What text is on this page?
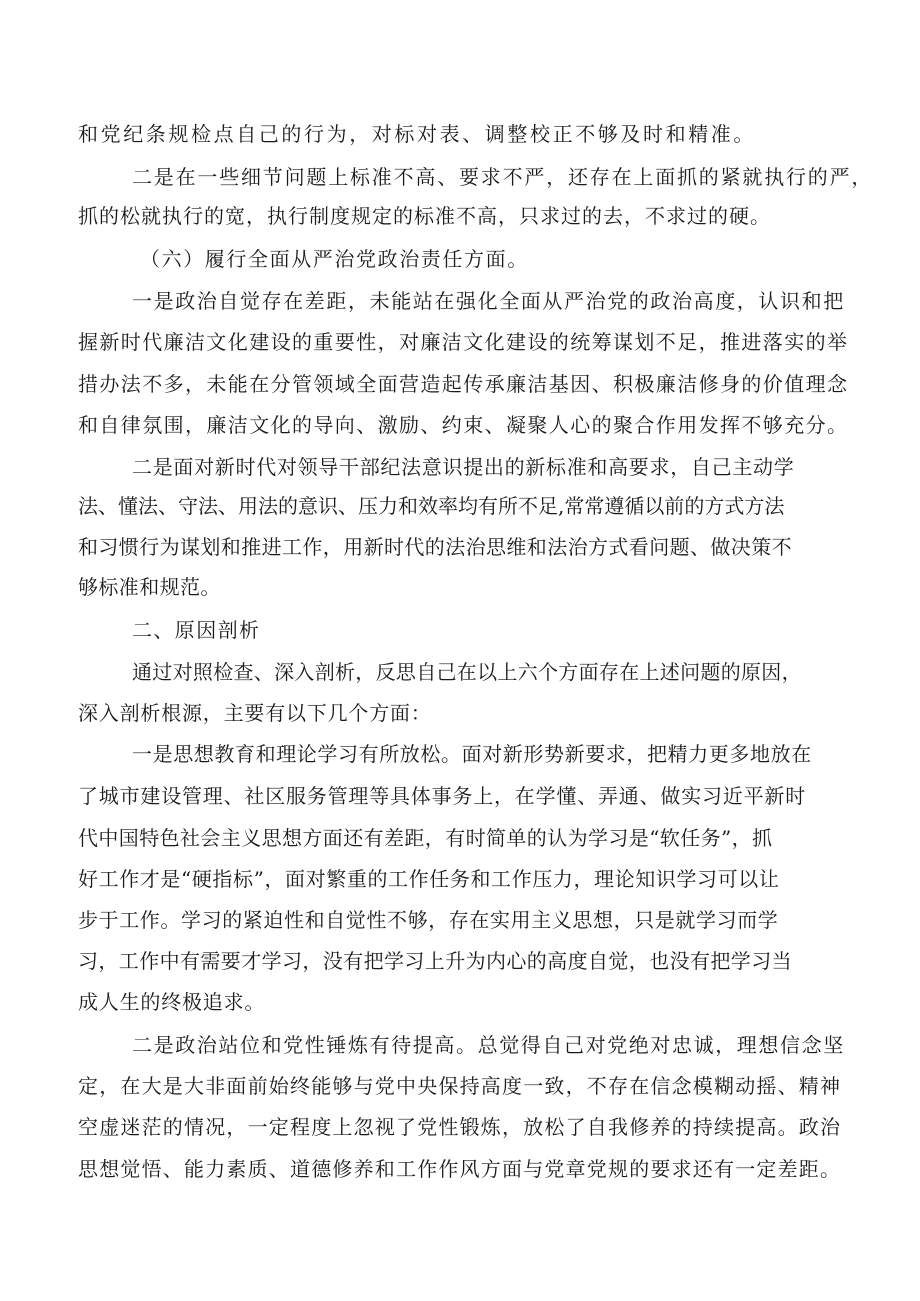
和党纪条规检点自己的行为，对标对表、调整校正不够及时和精准。
二是在一些细节问题上标准不高、要求不严，还存在上面抓的紧就执行的严，
抓的松就执行的宽，执行制度规定的标准不高，只求过的去，不求过的硬。
（六）履行全面从严治党政治责任方面。
一是政治自觉存在差距，未能站在强化全面从严治党的政治高度，认识和把
握新时代廉洁文化建设的重要性，对廉洁文化建设的统筹谋划不足，推进落实的举
措办法不多，未能在分管领域全面营造起传承廉洁基因、积极廉洁修身的价值理念
和自律氛围，廉洁文化的导向、激励、约束、凝聚人心的聚合作用发挥不够充分。
二是面对新时代对领导干部纪法意识提出的新标准和高要求，自己主动学
法、懂法、守法、用法的意识、压力和效率均有所不足,常常遵循以前的方式方法
和习惯行为谋划和推进工作，用新时代的法治思维和法治方式看问题、做决策不
够标准和规范。
二、原因剖析
通过对照检查、深入剖析，反思自己在以上六个方面存在上述问题的原因，
深入剖析根源，主要有以下几个方面：
一是思想教育和理论学习有所放松。面对新形势新要求，把精力更多地放在
了城市建设管理、社区服务管理等具体事务上，在学懂、弄通、做实习近平新时
代中国特色社会主义思想方面还有差距，有时简单的认为学习是“软任务”，抓
好工作才是“硬指标”，面对繁重的工作任务和工作压力，理论知识学习可以让
步于工作。学习的紧迫性和自觉性不够，存在实用主义思想，只是就学习而学
习，工作中有需要才学习，没有把学习上升为内心的高度自觉，也没有把学习当
成人生的终极追求。
二是政治站位和党性锤炼有待提高。总觉得自己对党绝对忠诚，理想信念坚
定，在大是大非面前始终能够与党中央保持高度一致，不存在信念模糊动摇、精神
空虚迷茫的情况，一定程度上忽视了党性锻炼，放松了自我修养的持续提高。政治
思想觉悟、能力素质、道德修养和工作作风方面与党章党规的要求还有一定差距。
